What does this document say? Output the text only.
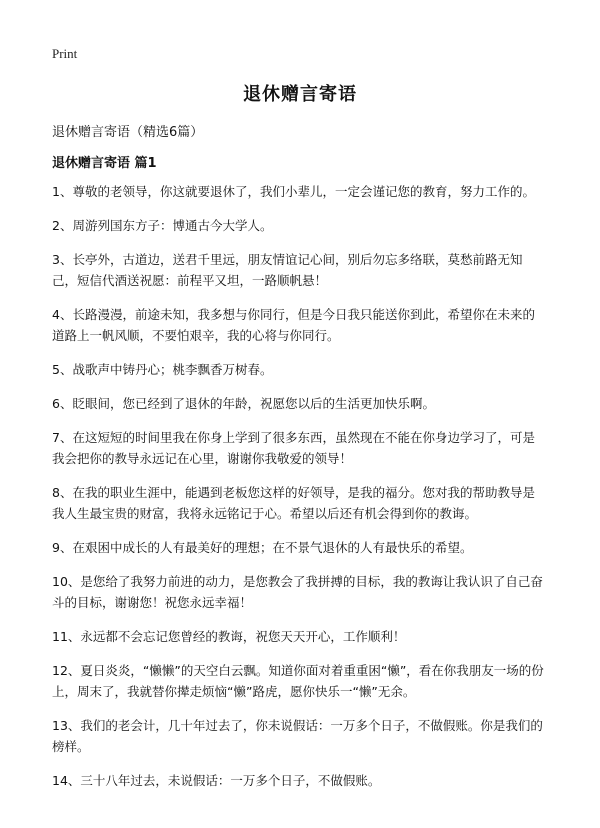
Print
退休赠言寄语

退休赠言寄语（精选6篇）

退休赠言寄语 篇1
1、尊敬的老领导，你这就要退休了，我们小辈儿，一定会谨记您的教育，努力工作的。
2、周游列国东方子：博通古今大学人。
3、长亭外，古道边，送君千里远，朋友情谊记心间，别后勿忘多络联，莫愁前路无知己，短信代酒送祝愿：前程平又坦，一路顺帆悬！
4、长路漫漫，前途未知，我多想与你同行，但是今日我只能送你到此，希望你在未来的道路上一帆风顺，不要怕艰辛，我的心将与你同行。
5、战歌声中铸丹心；桃李飘香万树春。
6、眨眼间，您已经到了退休的年龄，祝愿您以后的生活更加快乐啊。
7、在这短短的时间里我在你身上学到了很多东西，虽然现在不能在你身边学习了，可是我会把你的教导永远记在心里，谢谢你我敬爱的领导！
8、在我的职业生涯中，能遇到老板您这样的好领导，是我的福分。您对我的帮助教导是我人生最宝贵的财富，我将永远铭记于心。希望以后还有机会得到你的教诲。
9、在艰困中成长的人有最美好的理想；在不景气退休的人有最快乐的希望。
10、是您给了我努力前进的动力，是您教会了我拼搏的目标，我的教诲让我认识了自己奋斗的目标，谢谢您！祝您永远幸福！
11、永远都不会忘记您曾经的教诲，祝您天天开心，工作顺利！
12、夏日炎炎，“懒懒”的天空白云飘。知道你面对着重重困“懒”，看在你我朋友一场的份上，周末了，我就替你撵走烦恼“懒”路虎，愿你快乐一“懒”无余。
13、我们的老会计，几十年过去了，你未说假话：一万多个日子，不做假账。你是我们的榜样。
14、三十八年过去，未说假话：一万多个日子，不做假账。
